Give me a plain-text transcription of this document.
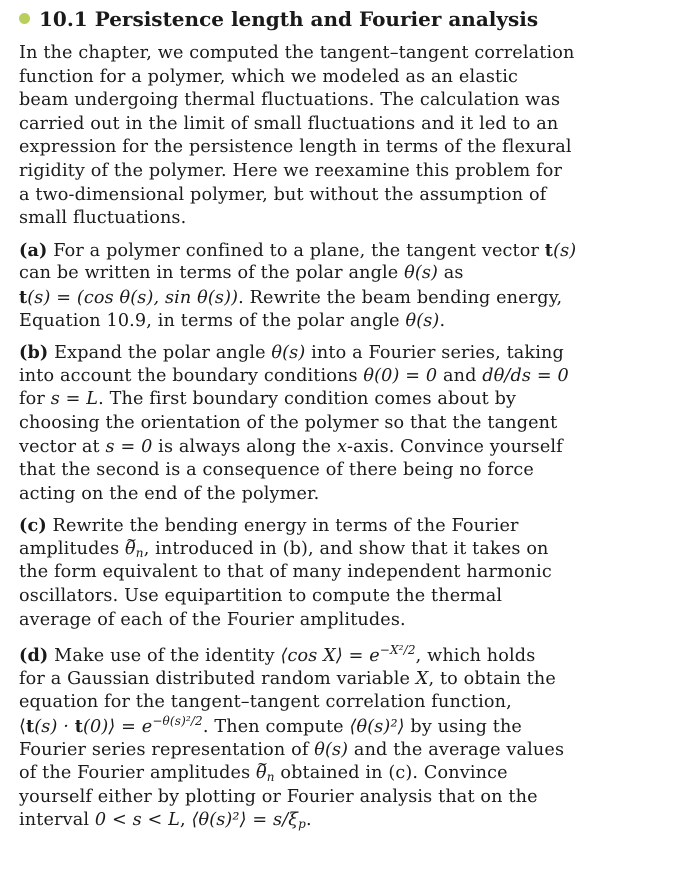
10.1 Persistence length and Fourier analysis
In the chapter, we computed the tangent–tangent correlation
function for a polymer, which we modeled as an elastic
beam undergoing thermal fluctuations. The calculation was
carried out in the limit of small fluctuations and it led to an
expression for the persistence length in terms of the flexural
rigidity of the polymer. Here we reexamine this problem for
a two-dimensional polymer, but without the assumption of
small fluctuations.
(a) For a polymer confined to a plane, the tangent vector t(s)
can be written in terms of the polar angle θ(s) as
t(s) = (cos θ(s), sin θ(s)). Rewrite the beam bending energy,
Equation 10.9, in terms of the polar angle θ(s).
(b) Expand the polar angle θ(s) into a Fourier series, taking
into account the boundary conditions θ(0) = 0 and dθ/ds = 0
for s = L. The first boundary condition comes about by
choosing the orientation of the polymer so that the tangent
vector at s = 0 is always along the x-axis. Convince yourself
that the second is a consequence of there being no force
acting on the end of the polymer.
(c) Rewrite the bending energy in terms of the Fourier
amplitudes ~ $\theta_n$, introduced in (b), and show that it takes on
the form equivalent to that of many independent harmonic
oscillators. Use equipartition to compute the thermal
average of each of the Fourier amplitudes.
(d) Make use of the identity ⟨cos X⟩ = $e^{-X^2/2}$, which holds
for a Gaussian distributed random variable X, to obtain the
equation for the tangent–tangent correlation function,
⟨t(s) · t(0)⟩ = $e^{-\theta(s)^2/2}$. Then compute ⟨θ(s)²⟩ by using the
Fourier series representation of θ(s) and the average values
of the Fourier amplitudes ~ $\theta_n$ obtained in (c). Convince
yourself either by plotting or Fourier analysis that on the
interval 0 < s < L, ⟨θ(s)²⟩ = $s/\xi_p$.
